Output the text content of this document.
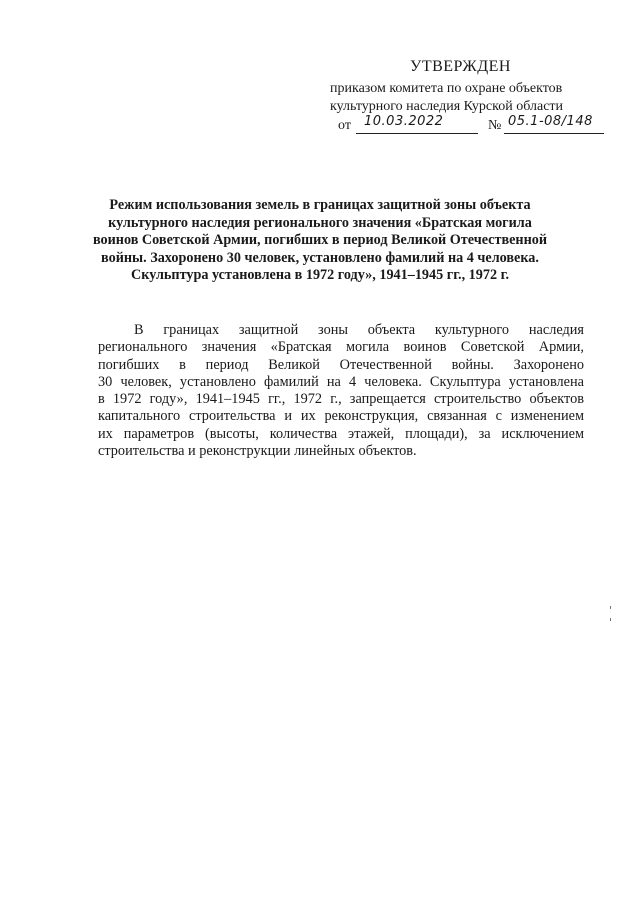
УТВЕРЖДЕН
приказом комитета по охране объектов
культурного наследия Курской области
от 10.03.2022	№ 05.1-08/148
Режим использования земель в границах защитной зоны объекта
культурного наследия регионального значения «Братская могила
воинов Советской Армии, погибших в период Великой Отечественной
войны. Захоронено 30 человек, установлено фамилий на 4 человека.
Скульптура установлена в 1972 году», 1941–1945 гг., 1972 г.
В границах защитной зоны объекта культурного наследия
регионального значения «Братская могила воинов Советской Армии,
погибших в период Великой Отечественной войны. Захоронено
30 человек, установлено фамилий на 4 человека. Скульптура установлена
в 1972 году», 1941–1945 гг., 1972 г., запрещается строительство объектов
капитального строительства и их реконструкция, связанная с изменением
их параметров (высоты, количества этажей, площади), за исключением
строительства и реконструкции линейных объектов.
